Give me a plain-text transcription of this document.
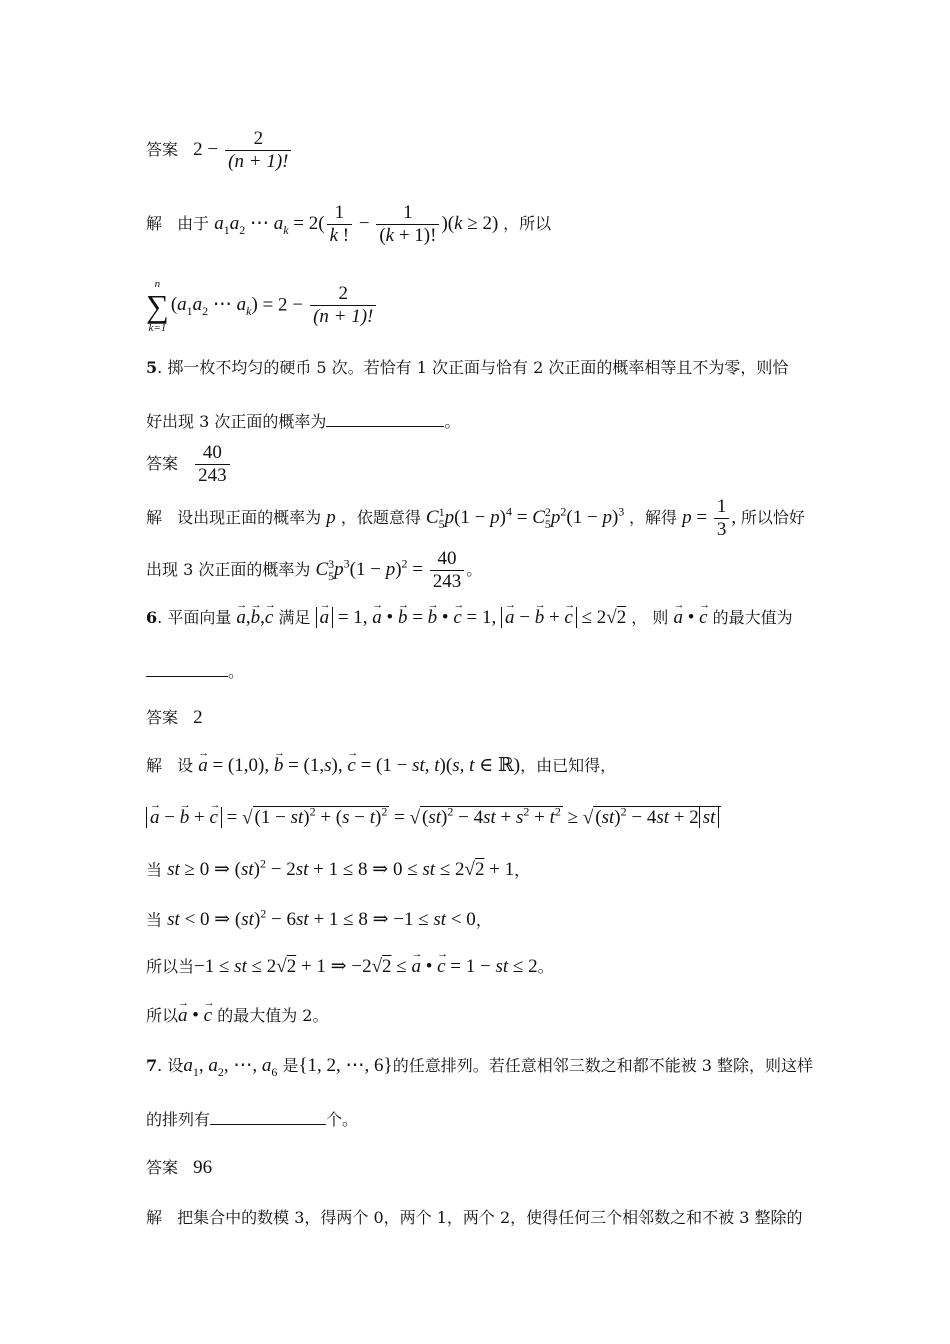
答案 $2 - \frac{2}{(n + 1)!}$
解 由于 $a_1a_2$ ⋯ $a_k = 2( \frac{1}{k !} - \frac{1}{(k + 1)!} )(k \ge 2)$ ，所以
n
∑
k=1
($a_1a_2$ ⋯ $a_k) = 2 - \frac{2}{(n + 1)!}$
5. 掷一枚不均匀的硬币 5 次。若恰有 1 次正面与恰有 2 次正面的概率相等且不为零，则恰
好出现 3 次正面的概率为	。
答案 $\frac{40}{243}$
解 设出现正面的概率为 p ，依题意得 $C_5^1p(1 - p)^4 = C_5^2p^2(1 - p)^3$ ，解得 $p = \frac{1}{3}$ , 所以恰好
出现 3 次正面的概率为 $C_5^3p^3(1 - p)^2 = \frac{40}{243}$ 。
6. 平面向量 → a,→ b,→ c 满足 → a = 1, → a • → b = → b • → c = 1, → a − → b + → c ≤ 2√2 ， 则 → a • → c 的最大值为
。
答案 2
解 设 → a = (1,0), → b = (1,s), → c = (1 − st, t)(s, t ∈ ℝ)，由已知得，
→ a − → b + → c = √ $(1 - st)^2 + (s - t)^2$ = √ $(st)^2 - 4st + s^2 + t^2$ ≥ √ (st)$^2$ − 4st + 2 st
当 st ≥ 0 ⇒ (st)$^2$ − 2st + 1 ≤ 8 ⇒ 0 ≤ st ≤ 2√2 + 1，
当 st < 0 ⇒ (st)$^2$ − 6st + 1 ≤ 8 ⇒ −1 ≤ st < 0，
所以当−1 ≤ st ≤ 2√2 + 1 ⇒ −2√2 ≤ → a • → c = 1 − st ≤ 2。
所以→ a • → c 的最大值为 2。
7. 设$a_1$, $a_2$, ⋯, $a_6$ 是{1, 2, ⋯, 6}的任意排列。若任意相邻三数之和都不能被 3 整除，则这样
的排列有	个。
答案 96
解 把集合中的数模 3，得两个 0，两个 1，两个 2，使得任何三个相邻数之和不被 3 整除的
